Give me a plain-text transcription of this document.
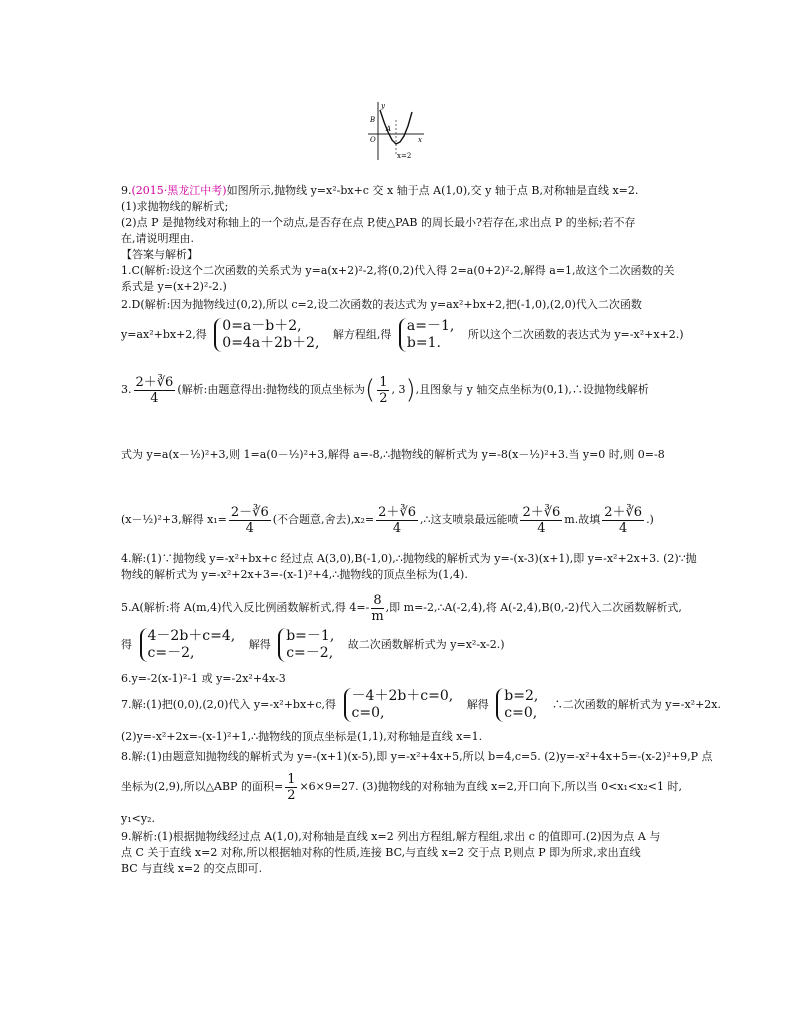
y
x
B
O
A
x=2
9.(2015·黑龙江中考)如图所示,抛物线 y=x²-bx+c 交 x 轴于点 A(1,0),交 y 轴于点 B,对称轴是直线 x=2.
(1)求抛物线的解析式;
(2)点 P 是抛物线对称轴上的一个动点,是否存在点 P,使△PAB 的周长最小?若存在,求出点 P 的坐标;若不存
在,请说明理由.
【答案与解析】
1.C(解析:设这个二次函数的关系式为 y=a(x+2)²-2,将(0,2)代入得 2=a(0+2)²-2,解得 a=1,故这个二次函数的关
系式是 y=(x+2)²-2.)
2.D(解析:因为抛物线过(0,2),所以 c=2,设二次函数的表达式为 y=ax²+bx+2,把(-1,0),(2,0)代入二次函数
y=ax²+bx+2,得 0=a－b＋2,
0=4a＋2b＋2, 解方程组,得 a=－1,
b=1. 所以这个二次函数的表达式为 y=-x²+x+2.)
3. $\frac{2+∛6}{4}$ (解析:由题意得出:抛物线的顶点坐标为( $\frac{1}{2}$ , 3),且图象与 y 轴交点坐标为(0,1),∴设抛物线解析
式为 y=a(x－½)²+3,则 1=a(0－½)²+3,解得 a=-8,∴抛物线的解析式为 y=-8(x－½)²+3.当 y=0 时,则 0=-8
(x－½)²+3,解得 $x_1= \frac{2-∛6}{4}$ (不合题意,舍去)$,x_2= \frac{2+∛6}{4}$ ,∴这支喷泉最远能喷 $\frac{2+∛6}{4} m$.故填 $\frac{2+∛6}{4}$ .)
4.解:(1)∵抛物线 y=-x²+bx+c 经过点 A(3,0),B(-1,0),∴抛物线的解析式为 y=-(x-3)(x+1),即 y=-x²+2x+3. (2)∵抛
物线的解析式为 y=-x²+2x+3=-(x-1)²+4,∴抛物线的顶点坐标为(1,4).
5.A(解析:将 A(m,4)代入反比例函数解析式,得 $4=- \frac{8}{m}$ ,即 m=-2,∴A(-2,4),将 A(-2,4),B(0,-2)代入二次函数解析式,
得 4－2b＋c=4,
c=－2, 解得 b=－1,
c=－2, 故二次函数解析式为 y=x²-x-2.)
6.y=-2(x-1)²-1 或 y=-2x²+4x-3
7.解:(1)把(0,0),(2,0)代入 y=-x²+bx+c,得 －4＋2b＋c=0,
c=0, 解得 b=2,
c=0, ∴二次函数的解析式为 y=-x²+2x.
(2)y=-x²+2x=-(x-1)²+1,∴抛物线的顶点坐标是(1,1),对称轴是直线 x=1.
8.解:(1)由题意知抛物线的解析式为 y=-(x+1)(x-5),即 y=-x²+4x+5,所以 b=4,c=5. (2)y=-x²+4x+5=-(x-2)²+9,P 点
坐标为(2,9),所以△ABP 的面积= $\frac{1}{2} \times 6\times 9=27$. (3)抛物线的对称轴为直线 x=2,开口向下,所以当 0<x₁<x₂<1 时,
y₁<y₂.
9.解析:(1)根据抛物线经过点 A(1,0),对称轴是直线 x=2 列出方程组,解方程组,求出 c 的值即可.(2)因为点 A 与
点 C 关于直线 x=2 对称,所以根据轴对称的性质,连接 BC,与直线 x=2 交于点 P,则点 P 即为所求,求出直线
BC 与直线 x=2 的交点即可.
